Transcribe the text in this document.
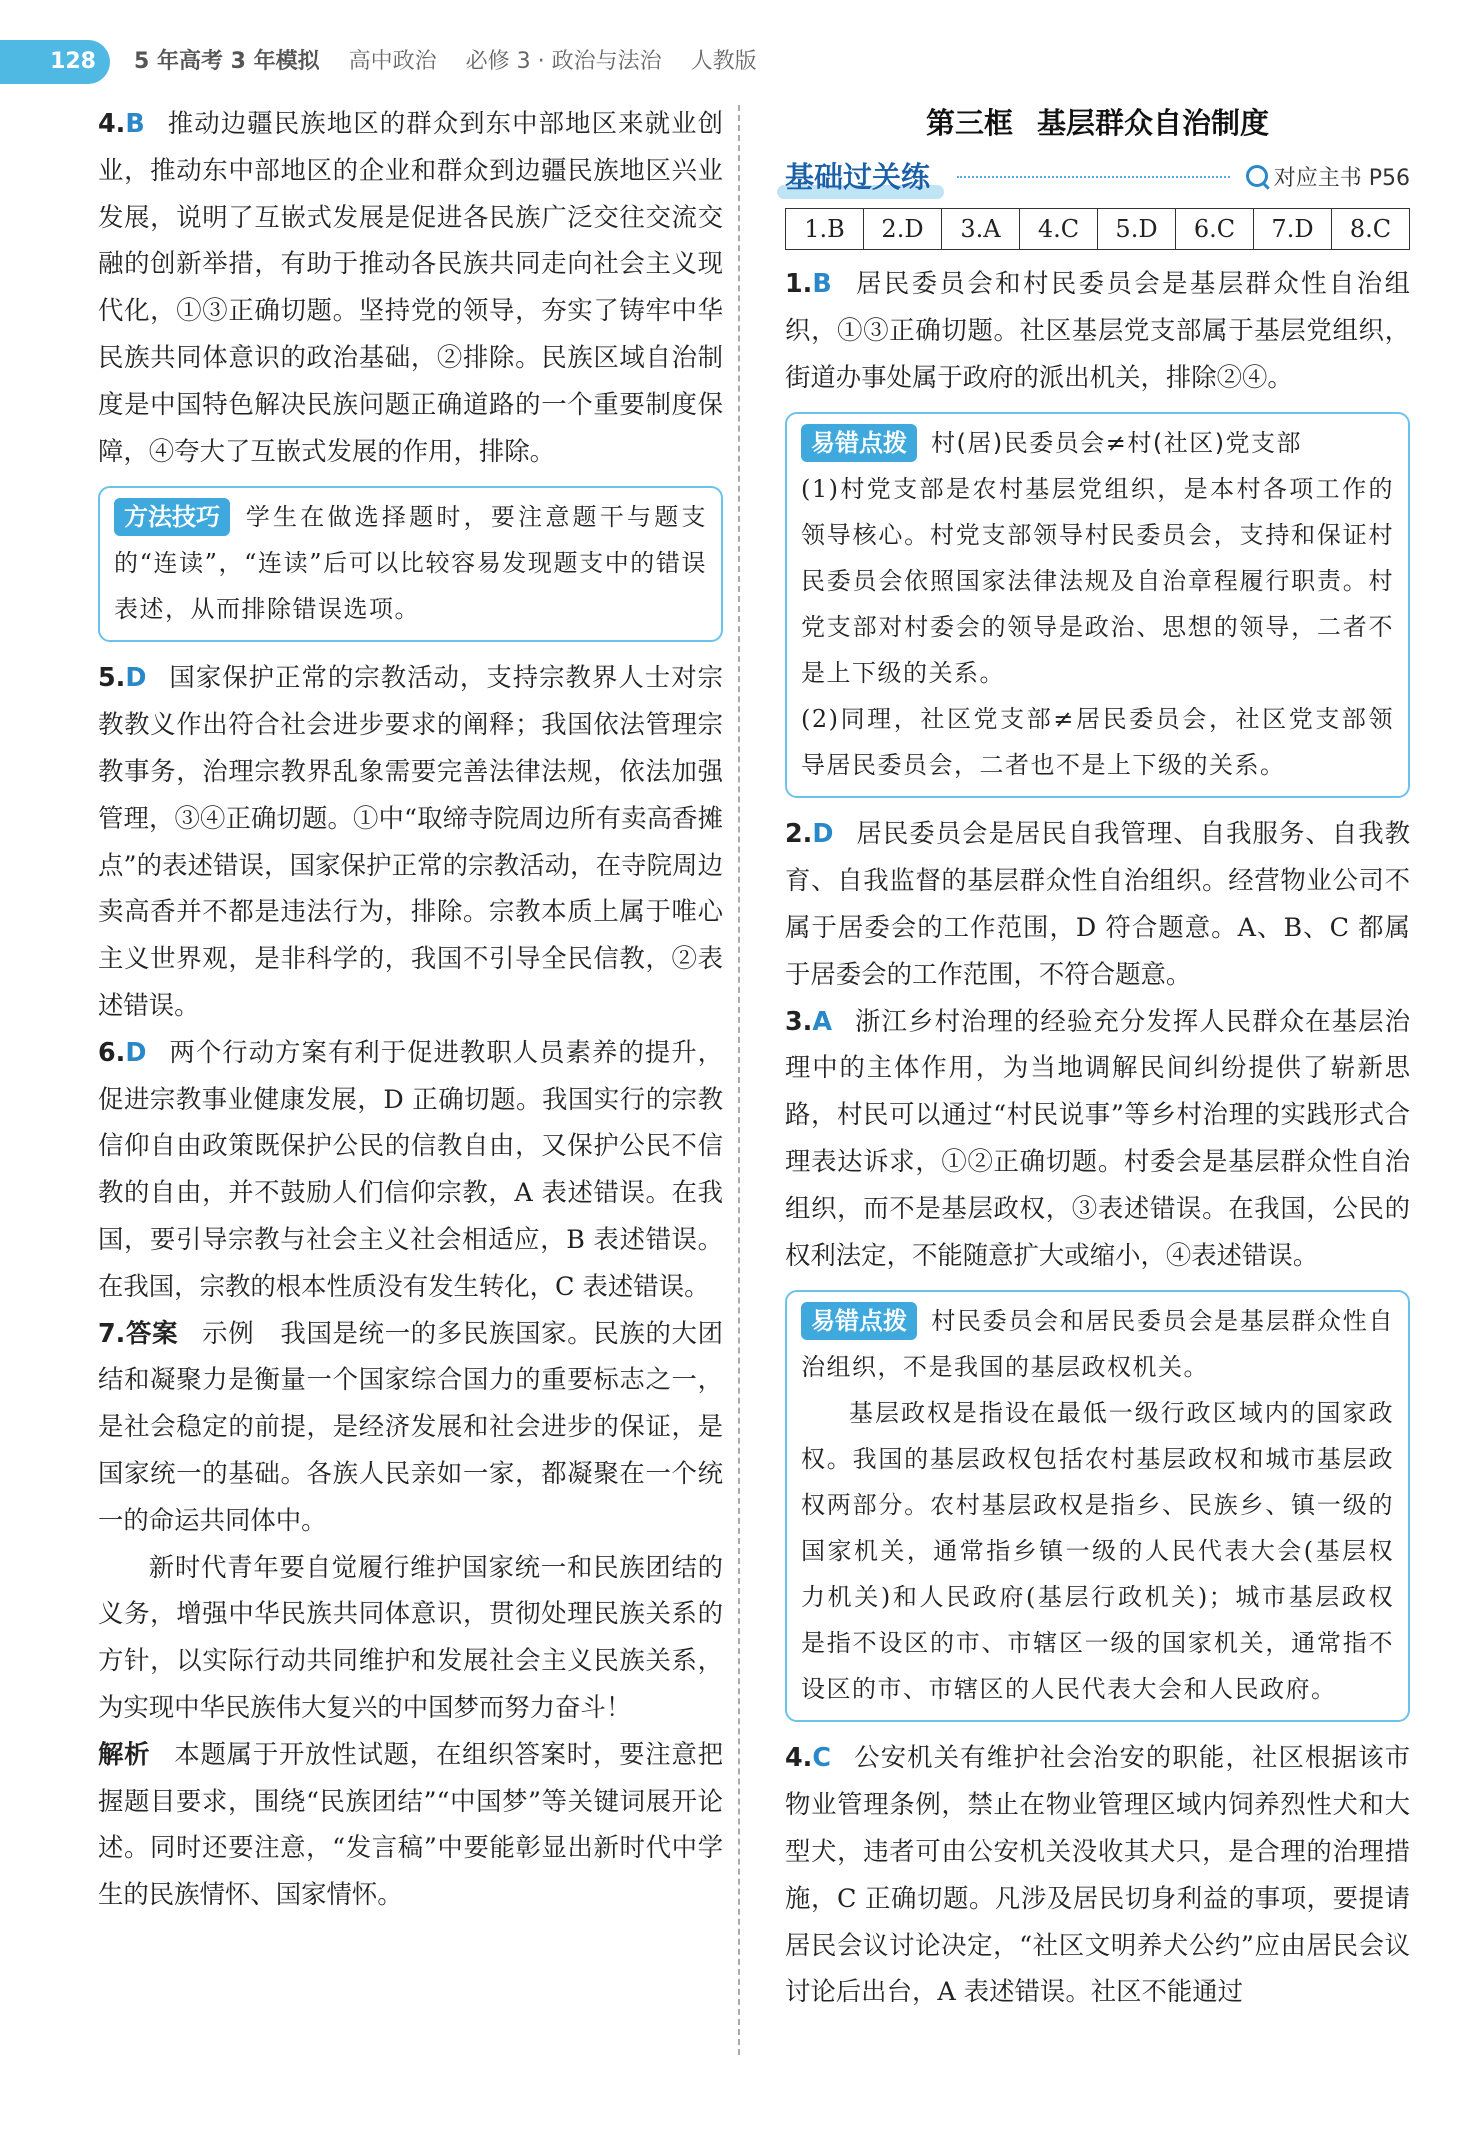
128	5 年高考 3 年模拟 高中政治 必修 3 · 政治与法治 人教版

4.B 推动边疆民族地区的群众到东中部地区来就业创业，推动东中部地区的企业和群众到边疆民族地区兴业发展，说明了互嵌式发展是促进各民族广泛交往交流交融的创新举措，有助于推动各民族共同走向社会主义现代化，①③正确切题。坚持党的领导，夯实了铸牢中华民族共同体意识的政治基础，②排除。民族区域自治制度是中国特色解决民族问题正确道路的一个重要制度保障，④夸大了互嵌式发展的作用，排除。

方法技巧 学生在做选择题时，要注意题干与题支的“连读”，“连读”后可以比较容易发现题支中的错误表述，从而排除错误选项。

5.D 国家保护正常的宗教活动，支持宗教界人士对宗教教义作出符合社会进步要求的阐释；我国依法管理宗教事务，治理宗教界乱象需要完善法律法规，依法加强管理，③④正确切题。①中“取缔寺院周边所有卖高香摊点”的表述错误，国家保护正常的宗教活动，在寺院周边卖高香并不都是违法行为，排除。宗教本质上属于唯心主义世界观，是非科学的，我国不引导全民信教，②表述错误。

6.D 两个行动方案有利于促进教职人员素养的提升，促进宗教事业健康发展，D 正确切题。我国实行的宗教信仰自由政策既保护公民的信教自由，又保护公民不信教的自由，并不鼓励人们信仰宗教，A 表述错误。在我国，要引导宗教与社会主义社会相适应，B 表述错误。在我国，宗教的根本性质没有发生转化，C 表述错误。

7.答案 示例　我国是统一的多民族国家。民族的大团结和凝聚力是衡量一个国家综合国力的重要标志之一，是社会稳定的前提，是经济发展和社会进步的保证，是国家统一的基础。各族人民亲如一家，都凝聚在一个统一的命运共同体中。

新时代青年要自觉履行维护国家统一和民族团结的义务，增强中华民族共同体意识，贯彻处理民族关系的方针，以实际行动共同维护和发展社会主义民族关系，为实现中华民族伟大复兴的中国梦而努力奋斗！

解析 本题属于开放性试题，在组织答案时，要注意把握题目要求，围绕“民族团结”“中国梦”等关键词展开论述。同时还要注意，“发言稿”中要能彰显出新时代中学生的民族情怀、国家情怀。

第三框 基层群众自治制度
基础过关练	对应主书 P56
1.B	2.D	3.A	4.C	5.D	6.C	7.D	8.C

1.B 居民委员会和村民委员会是基层群众性自治组织，①③正确切题。社区基层党支部属于基层党组织，街道办事处属于政府的派出机关，排除②④。

易错点拨 村(居)民委员会≠村(社区)党支部

(1)村党支部是农村基层党组织，是本村各项工作的领导核心。村党支部领导村民委员会，支持和保证村民委员会依照国家法律法规及自治章程履行职责。村党支部对村委会的领导是政治、思想的领导，二者不是上下级的关系。

(2)同理，社区党支部≠居民委员会，社区党支部领导居民委员会，二者也不是上下级的关系。

2.D 居民委员会是居民自我管理、自我服务、自我教育、自我监督的基层群众性自治组织。经营物业公司不属于居委会的工作范围，D 符合题意。A、B、C 都属于居委会的工作范围，不符合题意。

3.A 浙江乡村治理的经验充分发挥人民群众在基层治理中的主体作用，为当地调解民间纠纷提供了崭新思路，村民可以通过“村民说事”等乡村治理的实践形式合理表达诉求，①②正确切题。村委会是基层群众性自治组织，而不是基层政权，③表述错误。在我国，公民的权利法定，不能随意扩大或缩小，④表述错误。

易错点拨 村民委员会和居民委员会是基层群众性自治组织，不是我国的基层政权机关。

基层政权是指设在最低一级行政区域内的国家政权。我国的基层政权包括农村基层政权和城市基层政权两部分。农村基层政权是指乡、民族乡、镇一级的国家机关，通常指乡镇一级的人民代表大会(基层权力机关)和人民政府(基层行政机关)；城市基层政权是指不设区的市、市辖区一级的国家机关，通常指不设区的市、市辖区的人民代表大会和人民政府。

4.C 公安机关有维护社会治安的职能，社区根据该市物业管理条例，禁止在物业管理区域内饲养烈性犬和大型犬，违者可由公安机关没收其犬只，是合理的治理措施，C 正确切题。凡涉及居民切身利益的事项，要提请居民会议讨论决定，“社区文明养犬公约”应由居民会议讨论后出台，A 表述错误。社区不能通过
